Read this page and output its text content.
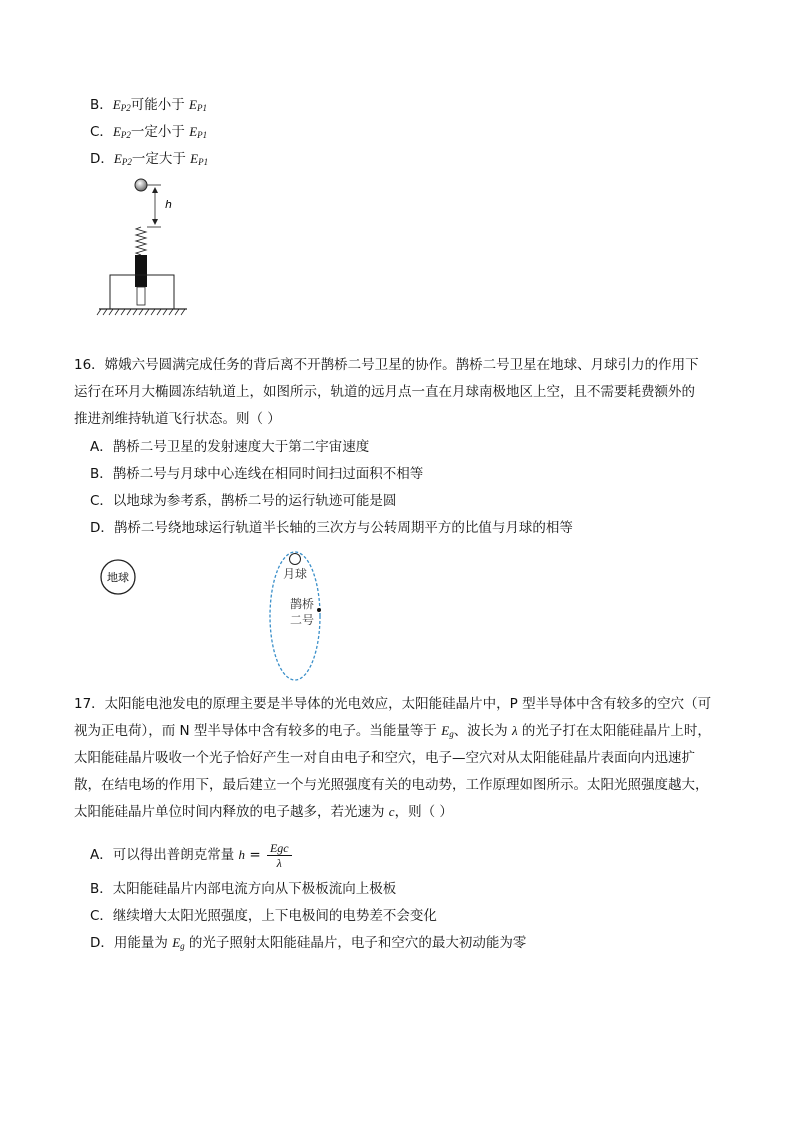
B．$E_{P2}$可能小于 $E_{P1}$
C．$E_{P2}$一定小于 $E_{P1}$
D．$E_{P2}$一定大于 $E_{P1}$
h
16．嫦娥六号圆满完成任务的背后离不开鹊桥二号卫星的协作。鹊桥二号卫星在地球、月球引力的作用下
运行在环月大椭圆冻结轨道上，如图所示，轨道的远月点一直在月球南极地区上空，且不需要耗费额外的
推进剂维持轨道飞行状态。则（ ）
A．鹊桥二号卫星的发射速度大于第二宇宙速度
B．鹊桥二号与月球中心连线在相同时间扫过面积不相等
C．以地球为参考系，鹊桥二号的运行轨迹可能是圆
D．鹊桥二号绕地球运行轨道半长轴的三次方与公转周期平方的比值与月球的相等
地球	月球
鹊桥
二号
17．太阳能电池发电的原理主要是半导体的光电效应，太阳能硅晶片中，P 型半导体中含有较多的空穴（可
视为正电荷），而 N 型半导体中含有较多的电子。当能量等于 $E_g$、波长为 λ 的光子打在太阳能硅晶片上时，
太阳能硅晶片吸收一个光子恰好产生一对自由电子和空穴，电子—空穴对从太阳能硅晶片表面向内迅速扩
散，在结电场的作用下，最后建立一个与光照强度有关的电动势，工作原理如图所示。太阳光照强度越大，
太阳能硅晶片单位时间内释放的电子越多，若光速为 c，则（ ）
A．可以得出普朗克常量 $h = \frac{\text{Egc}}{\lambda}$
B．太阳能硅晶片内部电流方向从下极板流向上极板
C．继续增大太阳光照强度，上下电极间的电势差不会变化
D．用能量为 $E_g$ 的光子照射太阳能硅晶片，电子和空穴的最大初动能为零
